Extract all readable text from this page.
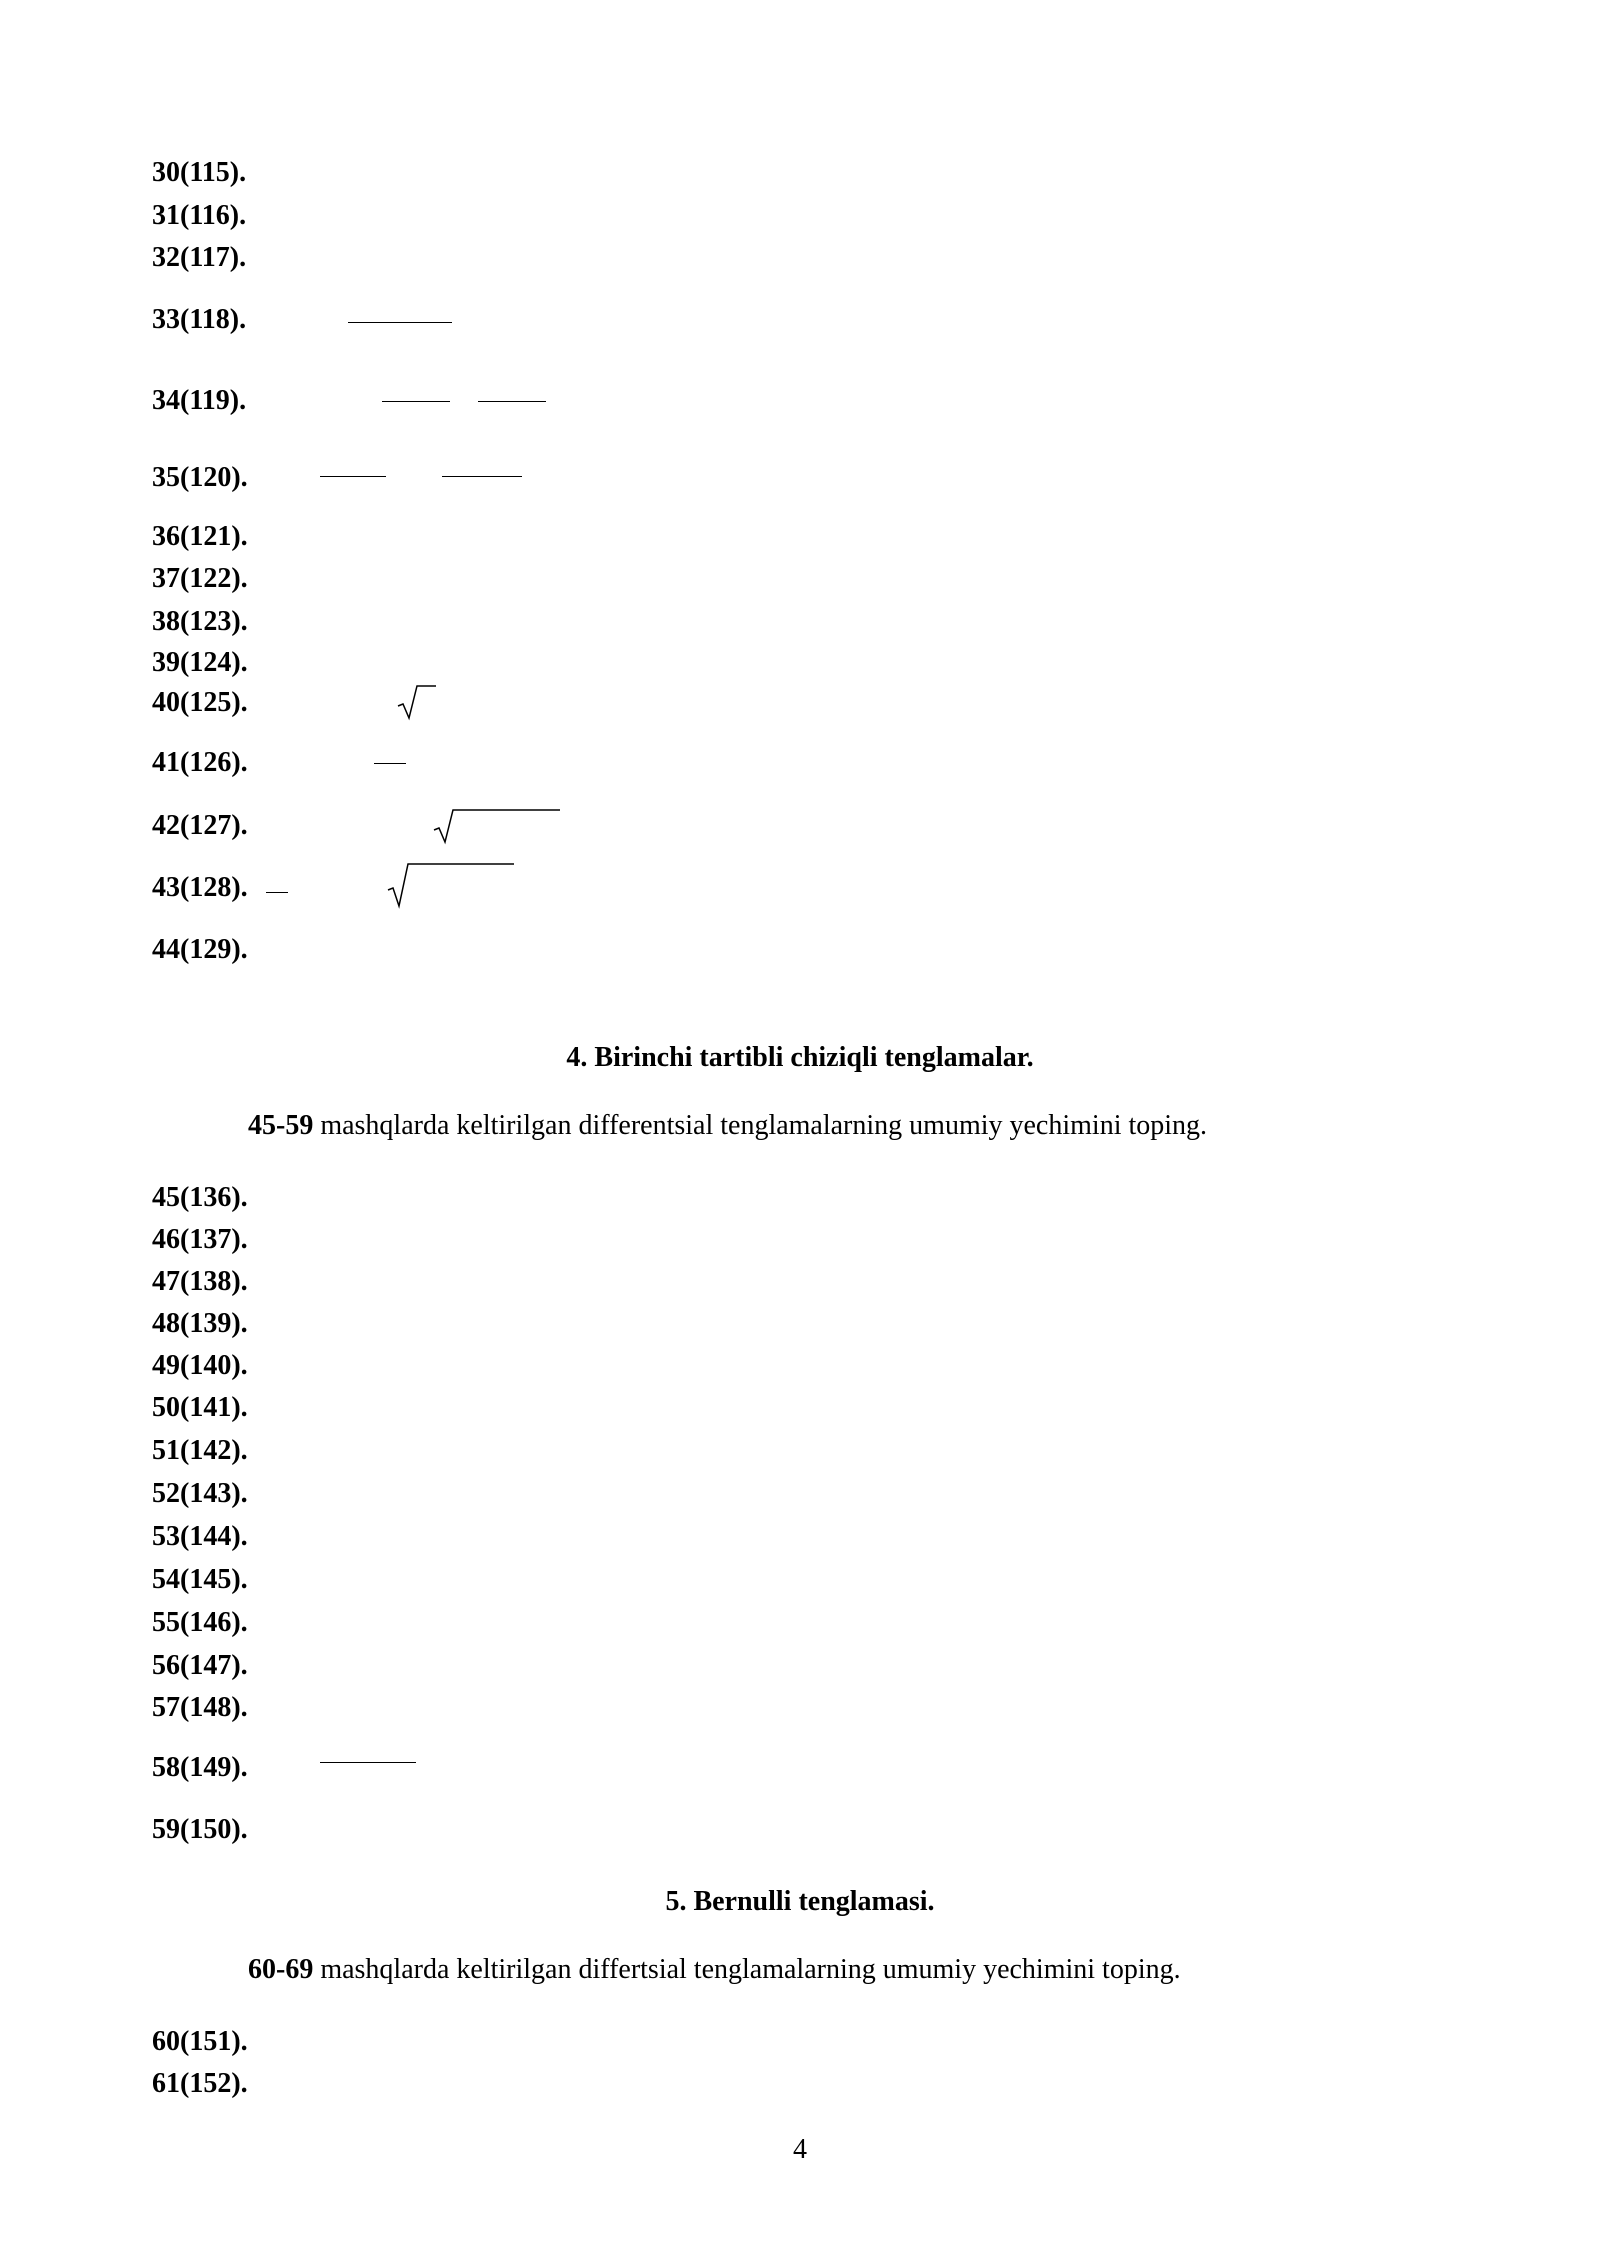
30(115).
31(116).
32(117).
33(118).
34(119).
35(120).
36(121).
37(122).
38(123).
39(124).
40(125).
41(126).
42(127).
43(128).
44(129).
4. Birinchi tartibli chiziqli tenglamalar.
45-59 mashqlarda keltirilgan differentsial tenglamalarning umumiy yechimini toping.
45(136).
46(137).
47(138).
48(139).
49(140).
50(141).
51(142).
52(143).
53(144).
54(145).
55(146).
56(147).
57(148).
58(149).
59(150).
5. Bernulli tenglamasi.
60-69 mashqlarda keltirilgan differtsial tenglamalarning umumiy yechimini toping.
60(151).
61(152).
4
